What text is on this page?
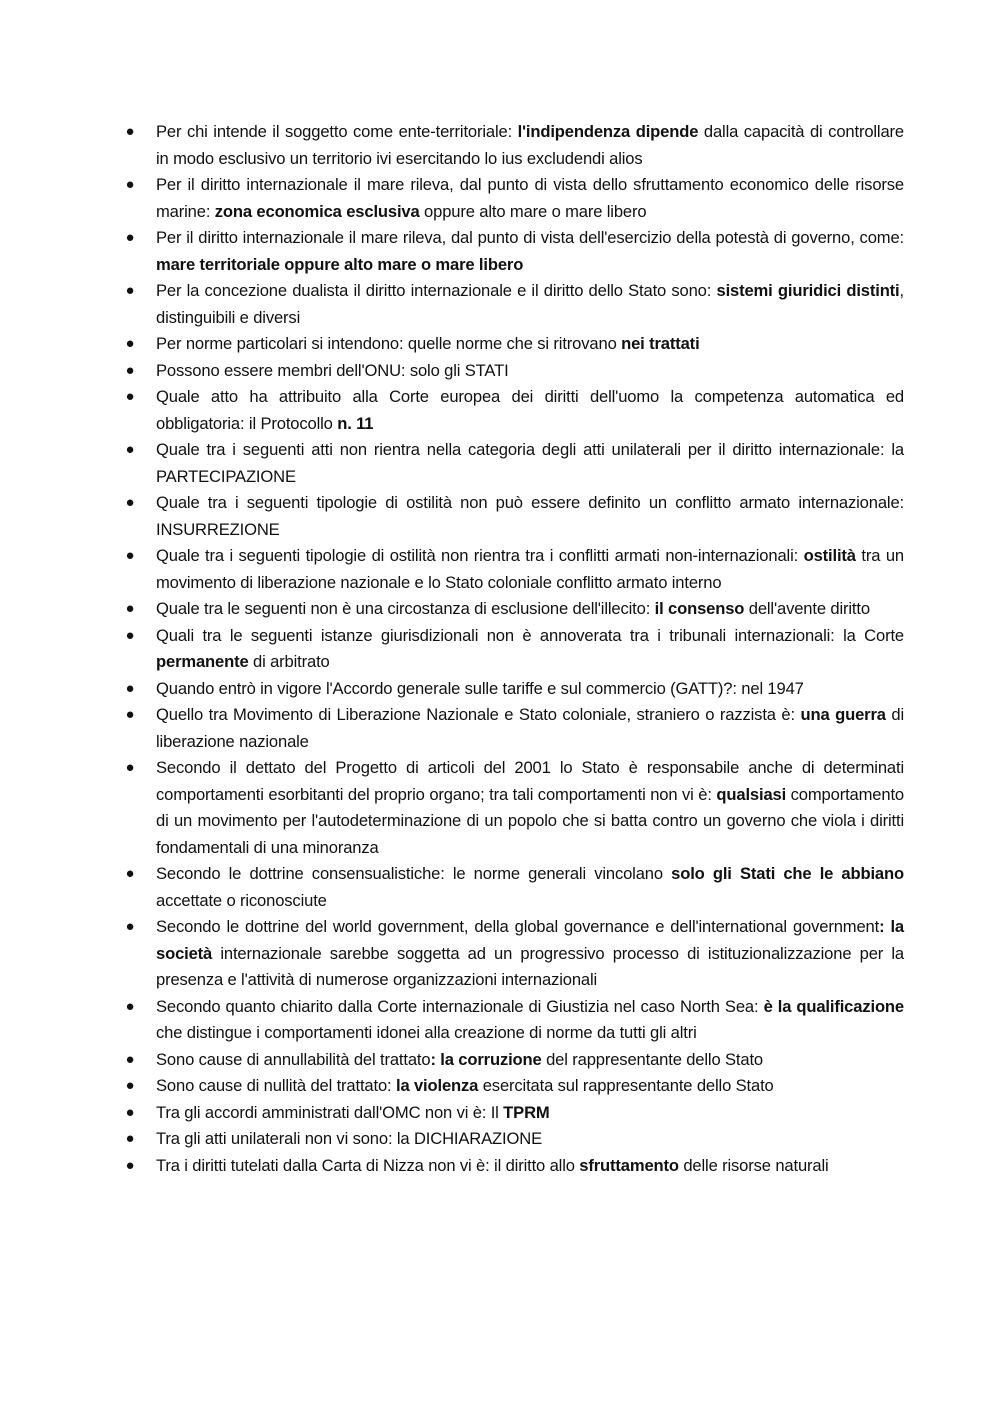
● Per chi intende il soggetto come ente-territoriale: l'indipendenza dipende dalla capacità di controllare in modo esclusivo un territorio ivi esercitando lo ius excludendi alios
● Per il diritto internazionale il mare rileva, dal punto di vista dello sfruttamento economico delle risorse marine: zona economica esclusiva oppure alto mare o mare libero
● Per il diritto internazionale il mare rileva, dal punto di vista dell'esercizio della potestà di governo, come: mare territoriale oppure alto mare o mare libero
● Per la concezione dualista il diritto internazionale e il diritto dello Stato sono: sistemi giuridici distinti, distinguibili e diversi
● Per norme particolari si intendono: quelle norme che si ritrovano nei trattati
● Possono essere membri dell'ONU: solo gli STATI
● Quale atto ha attribuito alla Corte europea dei diritti dell'uomo la competenza automatica ed obbligatoria: il Protocollo n. 11
● Quale tra i seguenti atti non rientra nella categoria degli atti unilaterali per il diritto internazionale: la PARTECIPAZIONE
● Quale tra i seguenti tipologie di ostilità non può essere definito un conflitto armato internazionale: INSURREZIONE
● Quale tra i seguenti tipologie di ostilità non rientra tra i conflitti armati non-internazionali: ostilità tra un movimento di liberazione nazionale e lo Stato coloniale conflitto armato interno
● Quale tra le seguenti non è una circostanza di esclusione dell'illecito: il consenso dell'avente diritto
● Quali tra le seguenti istanze giurisdizionali non è annoverata tra i tribunali internazionali: la Corte permanente di arbitrato
● Quando entrò in vigore l'Accordo generale sulle tariffe e sul commercio (GATT)?: nel 1947
● Quello tra Movimento di Liberazione Nazionale e Stato coloniale, straniero o razzista è: una guerra di liberazione nazionale
● Secondo il dettato del Progetto di articoli del 2001 lo Stato è responsabile anche di determinati comportamenti esorbitanti del proprio organo; tra tali comportamenti non vi è: qualsiasi comportamento di un movimento per l'autodeterminazione di un popolo che si batta contro un governo che viola i diritti fondamentali di una minoranza
● Secondo le dottrine consensualistiche: le norme generali vincolano solo gli Stati che le abbiano accettate o riconosciute
● Secondo le dottrine del world government, della global governance e dell'international government: la società internazionale sarebbe soggetta ad un progressivo processo di istituzionalizzazione per la presenza e l'attività di numerose organizzazioni internazionali
● Secondo quanto chiarito dalla Corte internazionale di Giustizia nel caso North Sea: è la qualificazione che distingue i comportamenti idonei alla creazione di norme da tutti gli altri
● Sono cause di annullabilità del trattato: la corruzione del rappresentante dello Stato
● Sono cause di nullità del trattato: la violenza esercitata sul rappresentante dello Stato
● Tra gli accordi amministrati dall'OMC non vi è: Il TPRM
● Tra gli atti unilaterali non vi sono: la DICHIARAZIONE
● Tra i diritti tutelati dalla Carta di Nizza non vi è: il diritto allo sfruttamento delle risorse naturali
